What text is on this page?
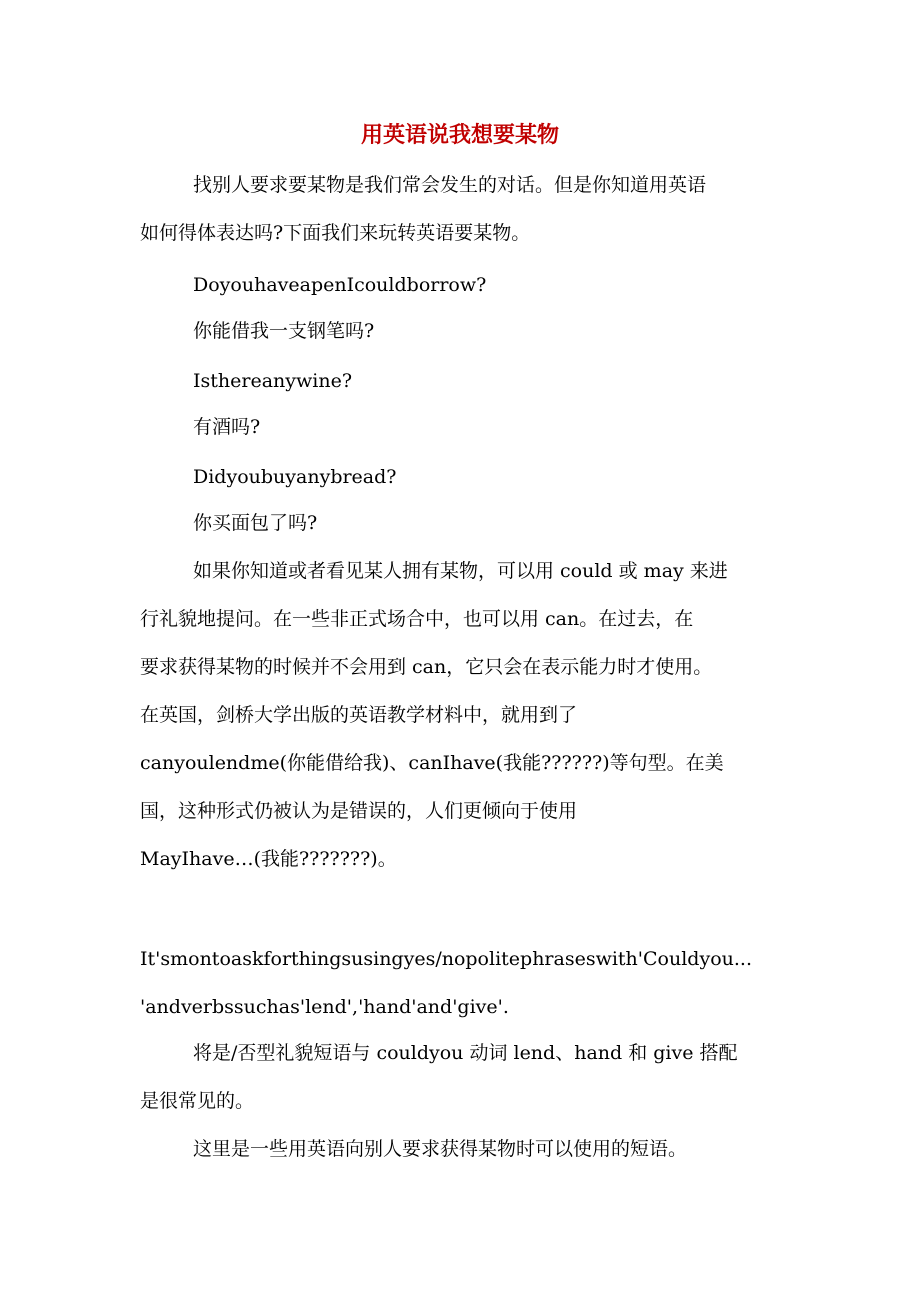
用英语说我想要某物
找别人要求要某物是我们常会发生的对话。但是你知道用英语
如何得体表达吗?下面我们来玩转英语要某物。
DoyouhaveapenIcouldborrow?
你能借我一支钢笔吗?
Isthereanywine?
有酒吗?
Didyoubuyanybread?
你买面包了吗?
如果你知道或者看见某人拥有某物，可以用 could 或 may 来进
行礼貌地提问。在一些非正式场合中，也可以用 can。在过去，在
要求获得某物的时候并不会用到 can，它只会在表示能力时才使用。
在英国，剑桥大学出版的英语教学材料中，就用到了
canyoulendme(你能借给我)、canIhave(我能??????)等句型。在美
国，这种形式仍被认为是错误的，人们更倾向于使用
MayIhave…(我能???????)。
It'smontoaskforthingsusingyes/nopolitephraseswith'Couldyou...
'andverbssuchas'lend','hand'and'give'.
将是/否型礼貌短语与 couldyou 动词 lend、hand 和 give 搭配
是很常见的。
这里是一些用英语向别人要求获得某物时可以使用的短语。
